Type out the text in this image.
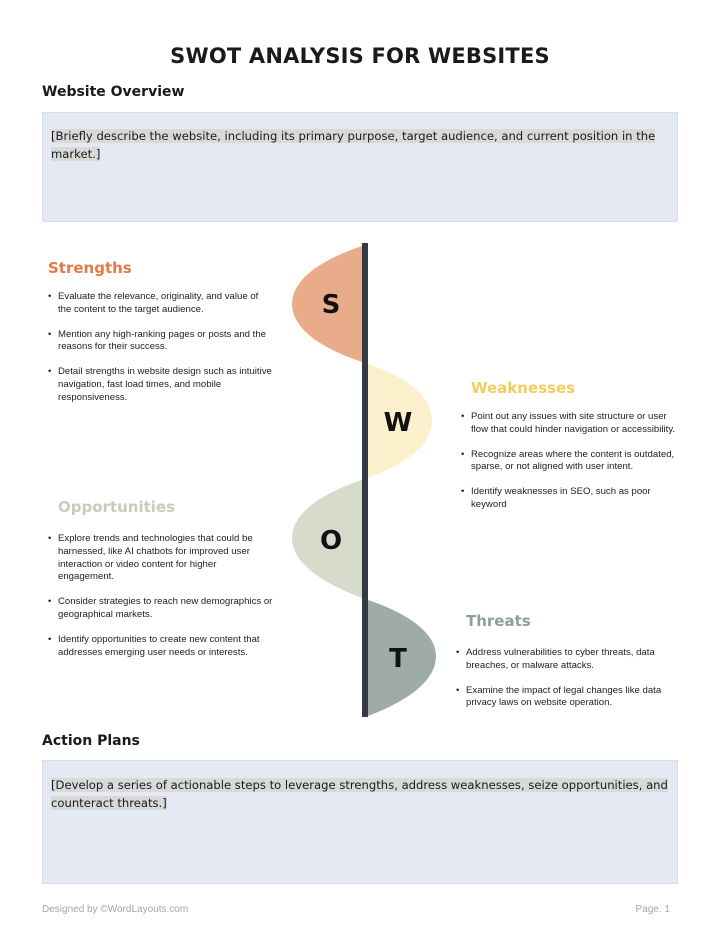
SWOT ANALYSIS FOR WEBSITES
Website Overview
[Briefly describe the website, including its primary purpose, target audience, and current position in the market.]
S
W
O
T
Strengths
• Evaluate the relevance, originality, and value of the content to the target audience.
• Mention any high-ranking pages or posts and the reasons for their success.
• Detail strengths in website design such as intuitive navigation, fast load times, and mobile responsiveness.
Weaknesses
• Point out any issues with site structure or user flow that could hinder navigation or accessibility.
• Recognize areas where the content is outdated, sparse, or not aligned with user intent.
• Identify weaknesses in SEO, such as poor keyword
Opportunities
• Explore trends and technologies that could be harnessed, like AI chatbots for improved user interaction or video content for higher engagement.
• Consider strategies to reach new demographics or geographical markets.
• Identify opportunities to create new content that addresses emerging user needs or interests.
Threats
• Address vulnerabilities to cyber threats, data breaches, or malware attacks.
• Examine the impact of legal changes like data privacy laws on website operation.
Action Plans
[Develop a series of actionable steps to leverage strengths, address weaknesses, seize opportunities, and counteract threats.]
Designed by ©WordLayouts.com	Page. 1
